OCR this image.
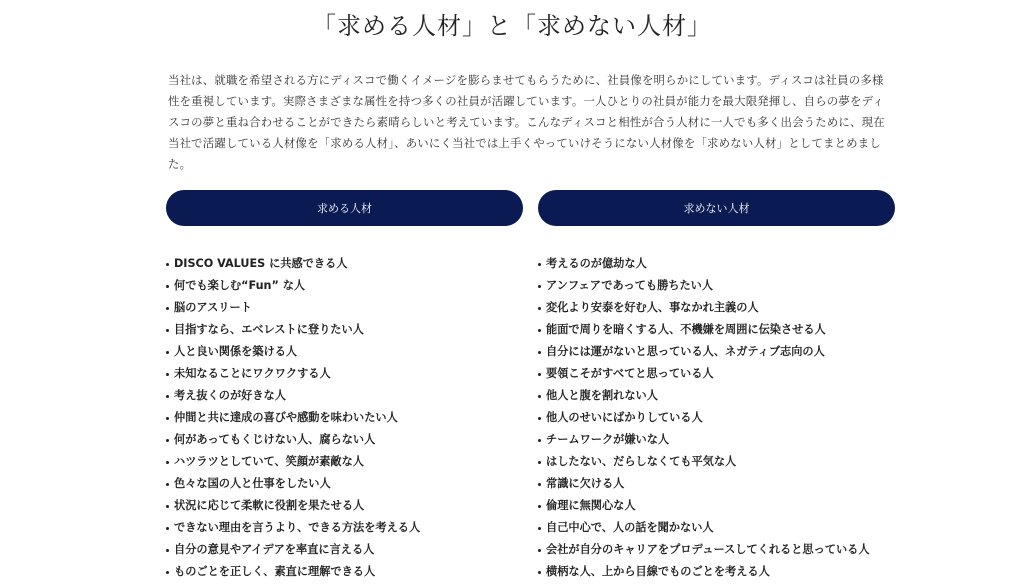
「求める人材」と「求めない人材」

当社は、就職を希望される方にディスコで働くイメージを膨らませてもらうために、社員像を明らかにしています。ディスコは社員の多様性を重視しています。実際さまざまな属性を持つ多くの社員が活躍しています。一人ひとりの社員が能力を最大限発揮し、自らの夢をディスコの夢と重ね合わせることができたら素晴らしいと考えています。こんなディスコと相性が合う人材に一人でも多く出会うために、現在当社で活躍している人材像を「求める人材」、あいにく当社では上手くやっていけそうにない人材像を「求めない人材」としてまとめました。

求める人材
DISCO VALUES に共感できる人
何でも楽しむ“Fun” な人
脳のアスリート
目指すなら、エベレストに登りたい人
人と良い関係を築ける人
未知なることにワクワクする人
考え抜くのが好きな人
仲間と共に達成の喜びや感動を味わいたい人
何があってもくじけない人、腐らない人
ハツラツとしていて、笑顔が素敵な人
色々な国の人と仕事をしたい人
状況に応じて柔軟に役割を果たせる人
できない理由を言うより、できる方法を考える人
自分の意見やアイデアを率直に言える人
ものごとを正しく、素直に理解できる人
求めない人材
考えるのが億劫な人
アンフェアであっても勝ちたい人
変化より安泰を好む人、事なかれ主義の人
能面で周りを暗くする人、不機嫌を周囲に伝染させる人
自分には運がないと思っている人、ネガティブ志向の人
要領こそがすべてと思っている人
他人と腹を割れない人
他人のせいにばかりしている人
チームワークが嫌いな人
はしたない、だらしなくても平気な人
常識に欠ける人
倫理に無関心な人
自己中心で、人の話を聞かない人
会社が自分のキャリアをプロデュースしてくれると思っている人
横柄な人、上から目線でものごとを考える人
